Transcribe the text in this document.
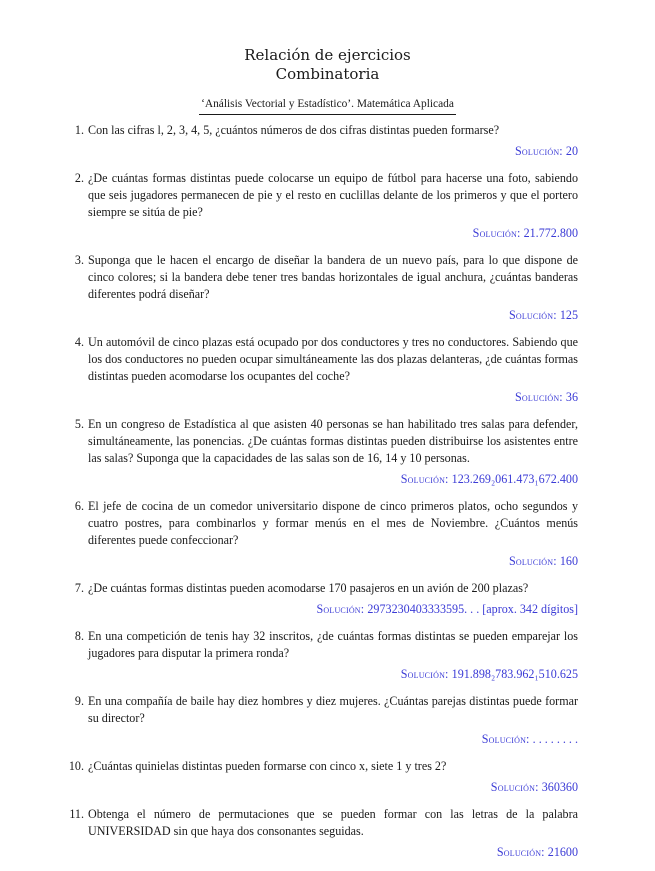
Relación de ejercicios
Combinatoria
‘Análisis Vectorial y Estadístico’. Matemática Aplicada
1. Con las cifras l, 2, 3, 4, 5, ¿cuántos números de dos cifras distintas pueden formarse?
Solución: 20
2. ¿De cuántas formas distintas puede colocarse un equipo de fútbol para hacerse una foto, sabiendo que seis jugadores permanecen de pie y el resto en cuclillas delante de los primeros y que el portero siempre se sitúa de pie?
Solución: 21.772.800
3. Suponga que le hacen el encargo de diseñar la bandera de un nuevo país, para lo que dispone de cinco colores; si la bandera debe tener tres bandas horizontales de igual anchura, ¿cuántas banderas diferentes podrá diseñar?
Solución: 125
4. Un automóvil de cinco plazas está ocupado por dos conductores y tres no conductores. Sabiendo que los dos conductores no pueden ocupar simultáneamente las dos plazas delanteras, ¿de cuántas formas distintas pueden acomodarse los ocupantes del coche?
Solución: 36
5. En un congreso de Estadística al que asisten 40 personas se han habilitado tres salas para defender, simultáneamente, las ponencias. ¿De cuántas formas distintas pueden distribuirse los asistentes entre las salas? Suponga que la capacidades de las salas son de 16, 14 y 10 personas.
Solución: 123.269₂061.473₁672.400
6. El jefe de cocina de un comedor universitario dispone de cinco primeros platos, ocho segundos y cuatro postres, para combinarlos y formar menús en el mes de Noviembre. ¿Cuántos menús diferentes puede confeccionar?
Solución: 160
7. ¿De cuántas formas distintas pueden acomodarse 170 pasajeros en un avión de 200 plazas?
Solución: 2973230403333595. . . [aprox. 342 dígitos]
8. En una competición de tenis hay 32 inscritos, ¿de cuántas formas distintas se pueden emparejar los jugadores para disputar la primera ronda?
Solución: 191.898₂783.962₁510.625
9. En una compañía de baile hay diez hombres y diez mujeres. ¿Cuántas parejas distintas puede formar su director?
Solución: . . . . . . . .
10. ¿Cuántas quinielas distintas pueden formarse con cinco x, siete 1 y tres 2?
Solución: 360360
11. Obtenga el número de permutaciones que se pueden formar con las letras de la palabra UNIVERSIDAD sin que haya dos consonantes seguidas.
Solución: 21600
